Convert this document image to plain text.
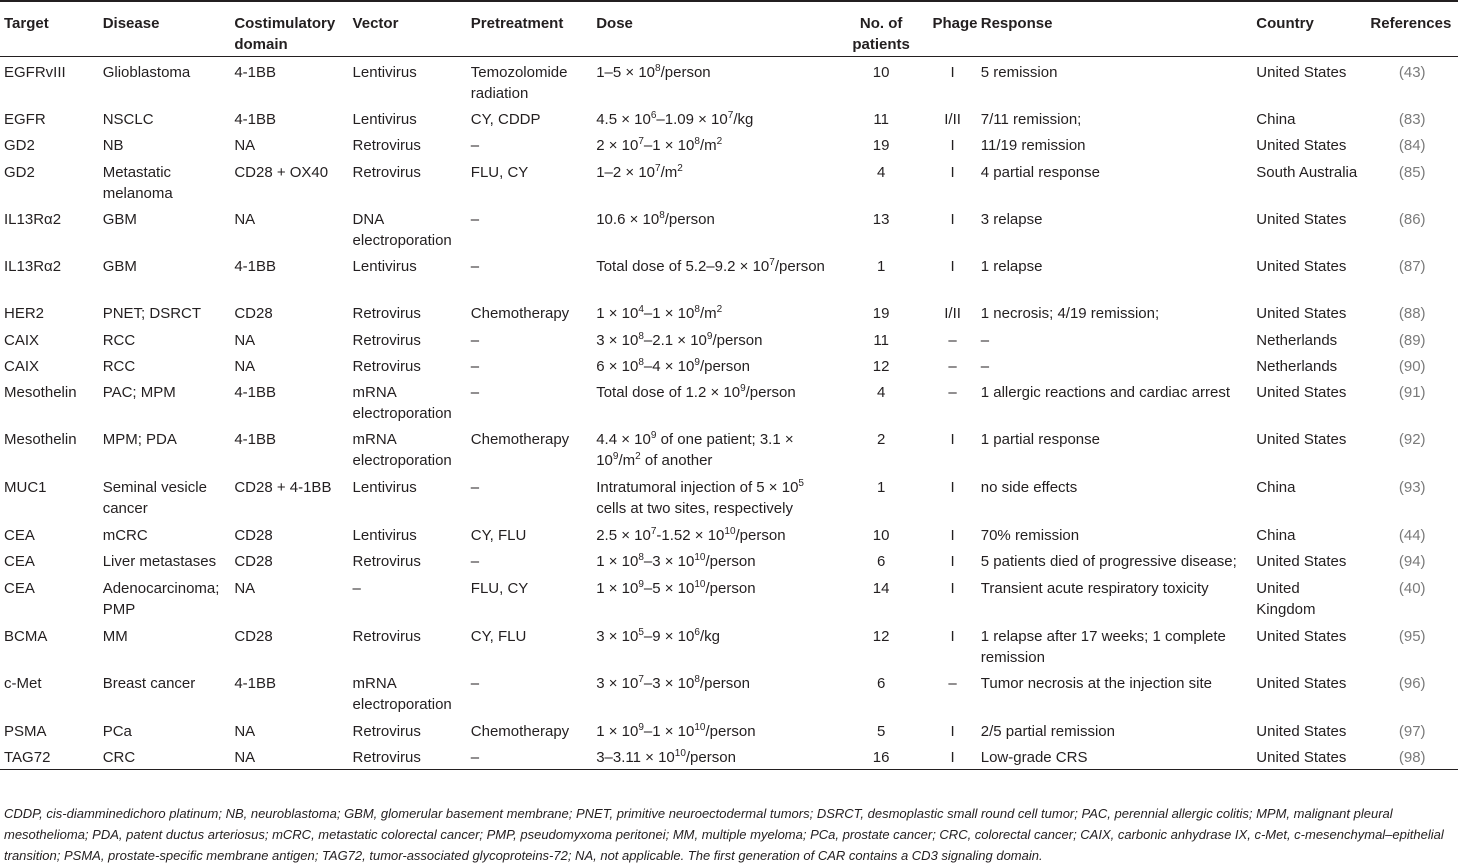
Target	Disease	Costimulatory domain	Vector	Pretreatment	Dose	No. of patients	Phage	Response	Country	References
EGFRvIII	Glioblastoma	4-1BB	Lentivirus	Temozolomide radiation	$1-5 \times 10^8$/person	10	I	5 remission	United States	(43)
EGFR	NSCLC	4-1BB	Lentivirus	CY, CDDP	$4.5 \times 10^6-1.09 \times 10^7/kg$	11	I/II	7/11 remission;	China	(83)
GD2	NB	NA	Retrovirus	–	$2 \times 10^7-1 \times 10^8/m^2$	19	I	11/19 remission	United States	(84)
GD2	Metastatic melanoma	CD28 + OX40	Retrovirus	FLU, CY	$1-2 \times 10^7/m^2$	4	I	4 partial response	South Australia	(85)
IL13Rα2	GBM	NA	DNA electroporation	–	$10.6 \times 10^8$/person	13	I	3 relapse	United States	(86)
IL13Rα2	GBM	4-1BB	Lentivirus	–	Total dose of $5.2-9.2 \times 10^7$/person	1	I	1 relapse	United States	(87)
HER2	PNET; DSRCT	CD28	Retrovirus	Chemotherapy	$1 \times 10^4-1 \times 10^8/m^2$	19	I/II	1 necrosis; 4/19 remission;	United States	(88)
CAIX	RCC	NA	Retrovirus	–	$3 \times 10^8-2.1$ × $10^9$/person	11	–	–	Netherlands	(89)
CAIX	RCC	NA	Retrovirus	–	$6 \times 10^8-4$ × $10^9$/person	12	–	–	Netherlands	(90)
Mesothelin	PAC; MPM	4-1BB	mRNA electroporation	–	Total dose of $1.2 \times 10^9$/person	4	–	1 allergic reactions and cardiac arrest	United States	(91)
Mesothelin	MPM; PDA	4-1BB	mRNA electroporation	Chemotherapy	$4.4 \times 10^9$ of one patient; $3.1 \times 10^9/m^2$ of another	2	I	1 partial response	United States	(92)
MUC1	Seminal vesicle cancer	CD28 + 4-1BB	Lentivirus	–	Intratumoral injection of $5 \times 10^5$ cells at two sites, respectively	1	I	no side effects	China	(93)
CEA	mCRC	CD28	Lentivirus	CY, FLU	$2.5 \times 10^7-1.52$ × $10^{10}$/person	10	I	70% remission	China	(44)
CEA	Liver metastases	CD28	Retrovirus	–	$1 \times 10^8-3$ × $10^{10}$/person	6	I	5 patients died of progressive disease;	United States	(94)
CEA	Adenocarcinoma; PMP	NA	–	FLU, CY	$1 \times 10^9-5$ × $10^{10}$/person	14	I	Transient acute respiratory toxicity	United Kingdom	(40)
BCMA	MM	CD28	Retrovirus	CY, FLU	$3 \times 10^5-9 \times 10^6/kg$	12	I	1 relapse after 17 weeks; 1 complete remission	United States	(95)
c-Met	Breast cancer	4-1BB	mRNA electroporation	–	$3 \times 10^7-3$ × $10^8$/person	6	–	Tumor necrosis at the injection site	United States	(96)
PSMA	PCa	NA	Retrovirus	Chemotherapy	$1 \times 10^9-1$ × $10^{10}$/person	5	I	2/5 partial remission	United States	(97)
TAG72	CRC	NA	Retrovirus	–	$3-3.11 \times 10^{10}$/person	16	I	Low-grade CRS	United States	(98)
CDDP, cis-diamminedichoro platinum; NB, neuroblastoma; GBM, glomerular basement membrane; PNET, primitive neuroectodermal tumors; DSRCT, desmoplastic small round cell tumor; PAC, perennial allergic colitis; MPM, malignant pleural mesothelioma; PDA, patent ductus arteriosus; mCRC, metastatic colorectal cancer; PMP, pseudomyxoma peritonei; MM, multiple myeloma; PCa, prostate cancer; CRC, colorectal cancer; CAIX, carbonic anhydrase IX, c-Met, c-mesenchymal–epithelial transition; PSMA, prostate-specific membrane antigen; TAG72, tumor-associated glycoproteins-72; NA, not applicable. The first generation of CAR contains a CD3 signaling domain.
